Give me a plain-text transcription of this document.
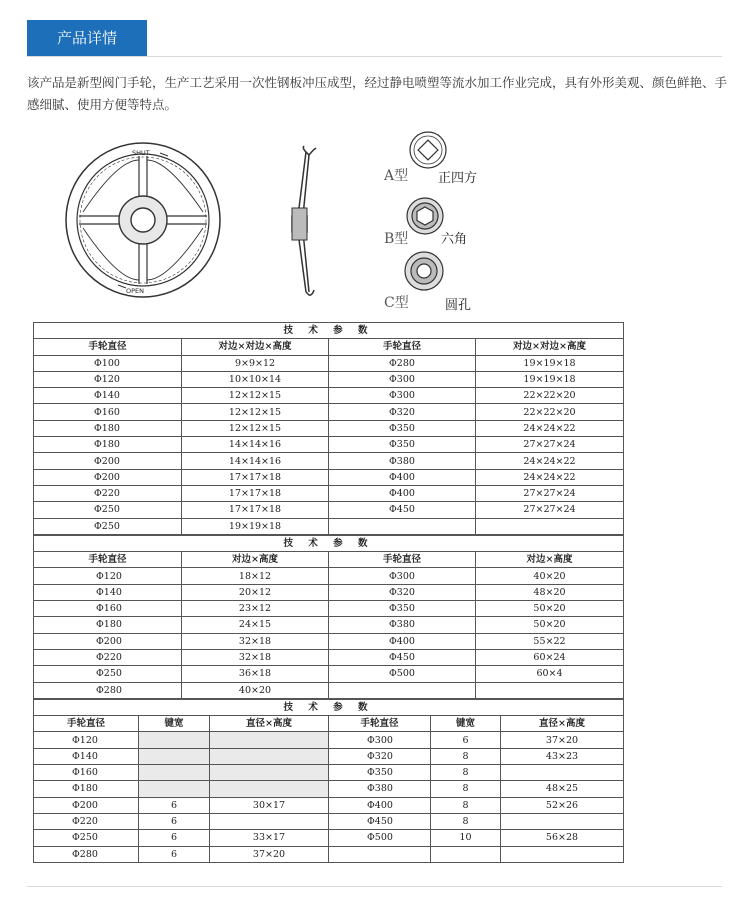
产品详情
该产品是新型阀门手轮，生产工艺采用一次性钢板冲压成型，经过静电喷塑等流水加工作业完成，具有外形美观、颜色鲜艳、手感细腻、使用方便等特点。
SHUT
OPEN
A型 正四方
B型	六角
C型	圆孔
技 术 参 数			
手轮直径	对边×对边×高度	手轮直径	对边×对边×高度
Φ100	9×9×12	Φ280	19×19×18
Φ120	10×10×14	Φ300	19×19×18
Φ140	12×12×15	Φ300	22×22×20
Φ160	12×12×15	Φ320	22×22×20
Φ180	12×12×15	Φ350	24×24×22
Φ180	14×14×16	Φ350	27×27×24
Φ200	14×14×16	Φ380	24×24×22
Φ200	17×17×18	Φ400	24×24×22
Φ220	17×17×18	Φ400	27×27×24
Φ250	17×17×18	Φ450	27×27×24
Φ250	19×19×18		
技 术 参 数			
手轮直径	对边×高度	手轮直径	对边×高度
Φ120	18×12	Φ300	40×20
Φ140	20×12	Φ320	48×20
Φ160	23×12	Φ350	50×20
Φ180	24×15	Φ380	50×20
Φ200	32×18	Φ400	55×22
Φ220	32×18	Φ450	60×24
Φ250	36×18	Φ500	60×4
Φ280	40×20		
技 术 参 数					
手轮直径	键宽	直径×高度	手轮直径	键宽	直径×高度
Φ120			Φ300	6	37×20
Φ140			Φ320	8	43×23
Φ160			Φ350	8	
Φ180			Φ380	8	48×25
Φ200	6	30×17	Φ400	8	52×26
Φ220	6		Φ450	8	
Φ250	6	33×17	Φ500	10	56×28
Φ280	6	37×20			
